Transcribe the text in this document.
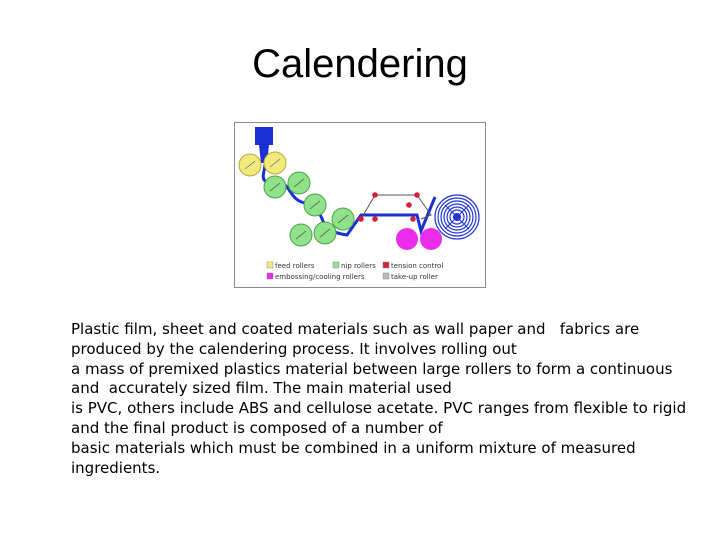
Calendering
feed rollers	nip rollers tension control
embossing/cooling rollers	take-up roller
Plastic film, sheet and coated materials such as wall paper and   fabrics are
produced by the calendering process. It involves rolling out
a mass of premixed plastics material between large rollers to form a continuous
and  accurately sized film. The main material used
is PVC, others include ABS and cellulose acetate. PVC ranges from flexible to rigid
and the final product is composed of a number of
basic materials which must be combined in a uniform mixture of measured
ingredients.
